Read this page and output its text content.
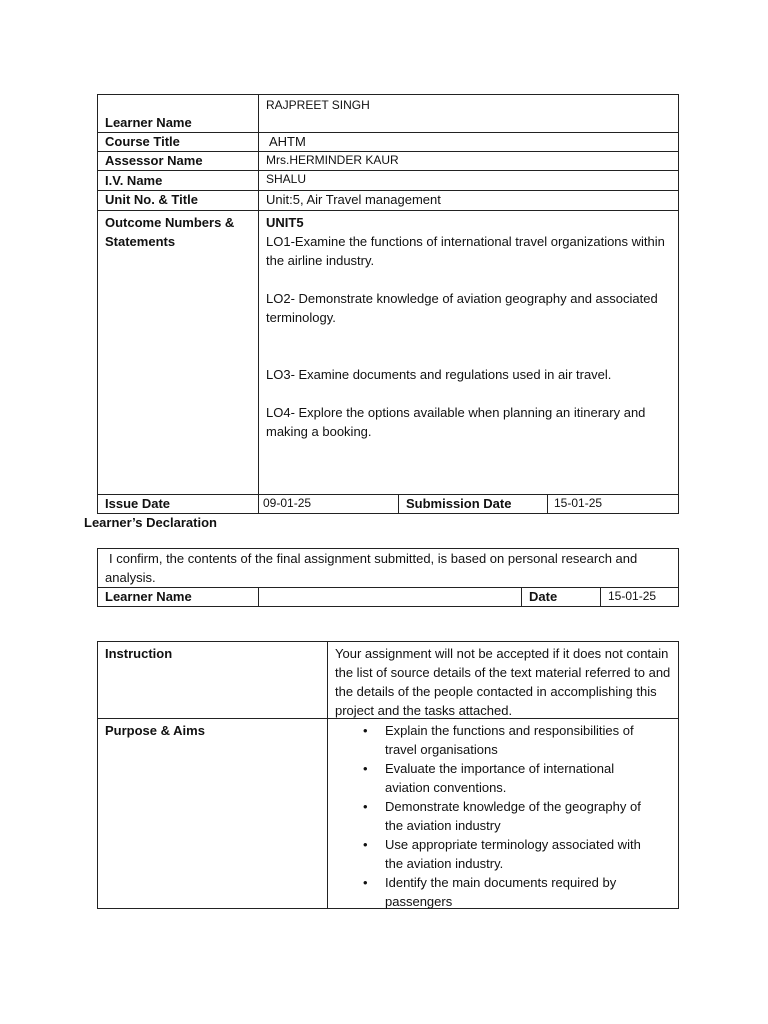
Learner Name
RAJPREET SINGH
Course Title	AHTM
Assessor Name	Mrs.HERMINDER KAUR
I.V. Name	SHALU
Unit No. & Title	Unit:5, Air Travel management

Outcome Numbers &

Statements

UNIT5

LO1-Examine the functions of international travel organizations within the airline industry.

LO2- Demonstrate knowledge of aviation geography and associated terminology.

LO3- Examine documents and regulations used in air travel.

LO4- Explore the options available when planning an itinerary and making a booking.

Issue Date	09-01-25	Submission Date	15-01-25
Learner’s Declaration
I confirm, the contents of the final assignment submitted, is based on personal research and analysis.
Learner Name	Date	15-01-25
Instruction	Your assignment will not be accepted if it does not contain the list of source details of the text material referred to and the details of the people contacted in accomplishing this project and the tasks attached.
Purpose & Aims
•	Explain the functions and responsibilities of travel organisations
• Evaluate the importance of international aviation conventions.
• Demonstrate knowledge of the geography of the aviation industry
• Use appropriate terminology associated with the aviation industry.
• Identify the main documents required by passengers
